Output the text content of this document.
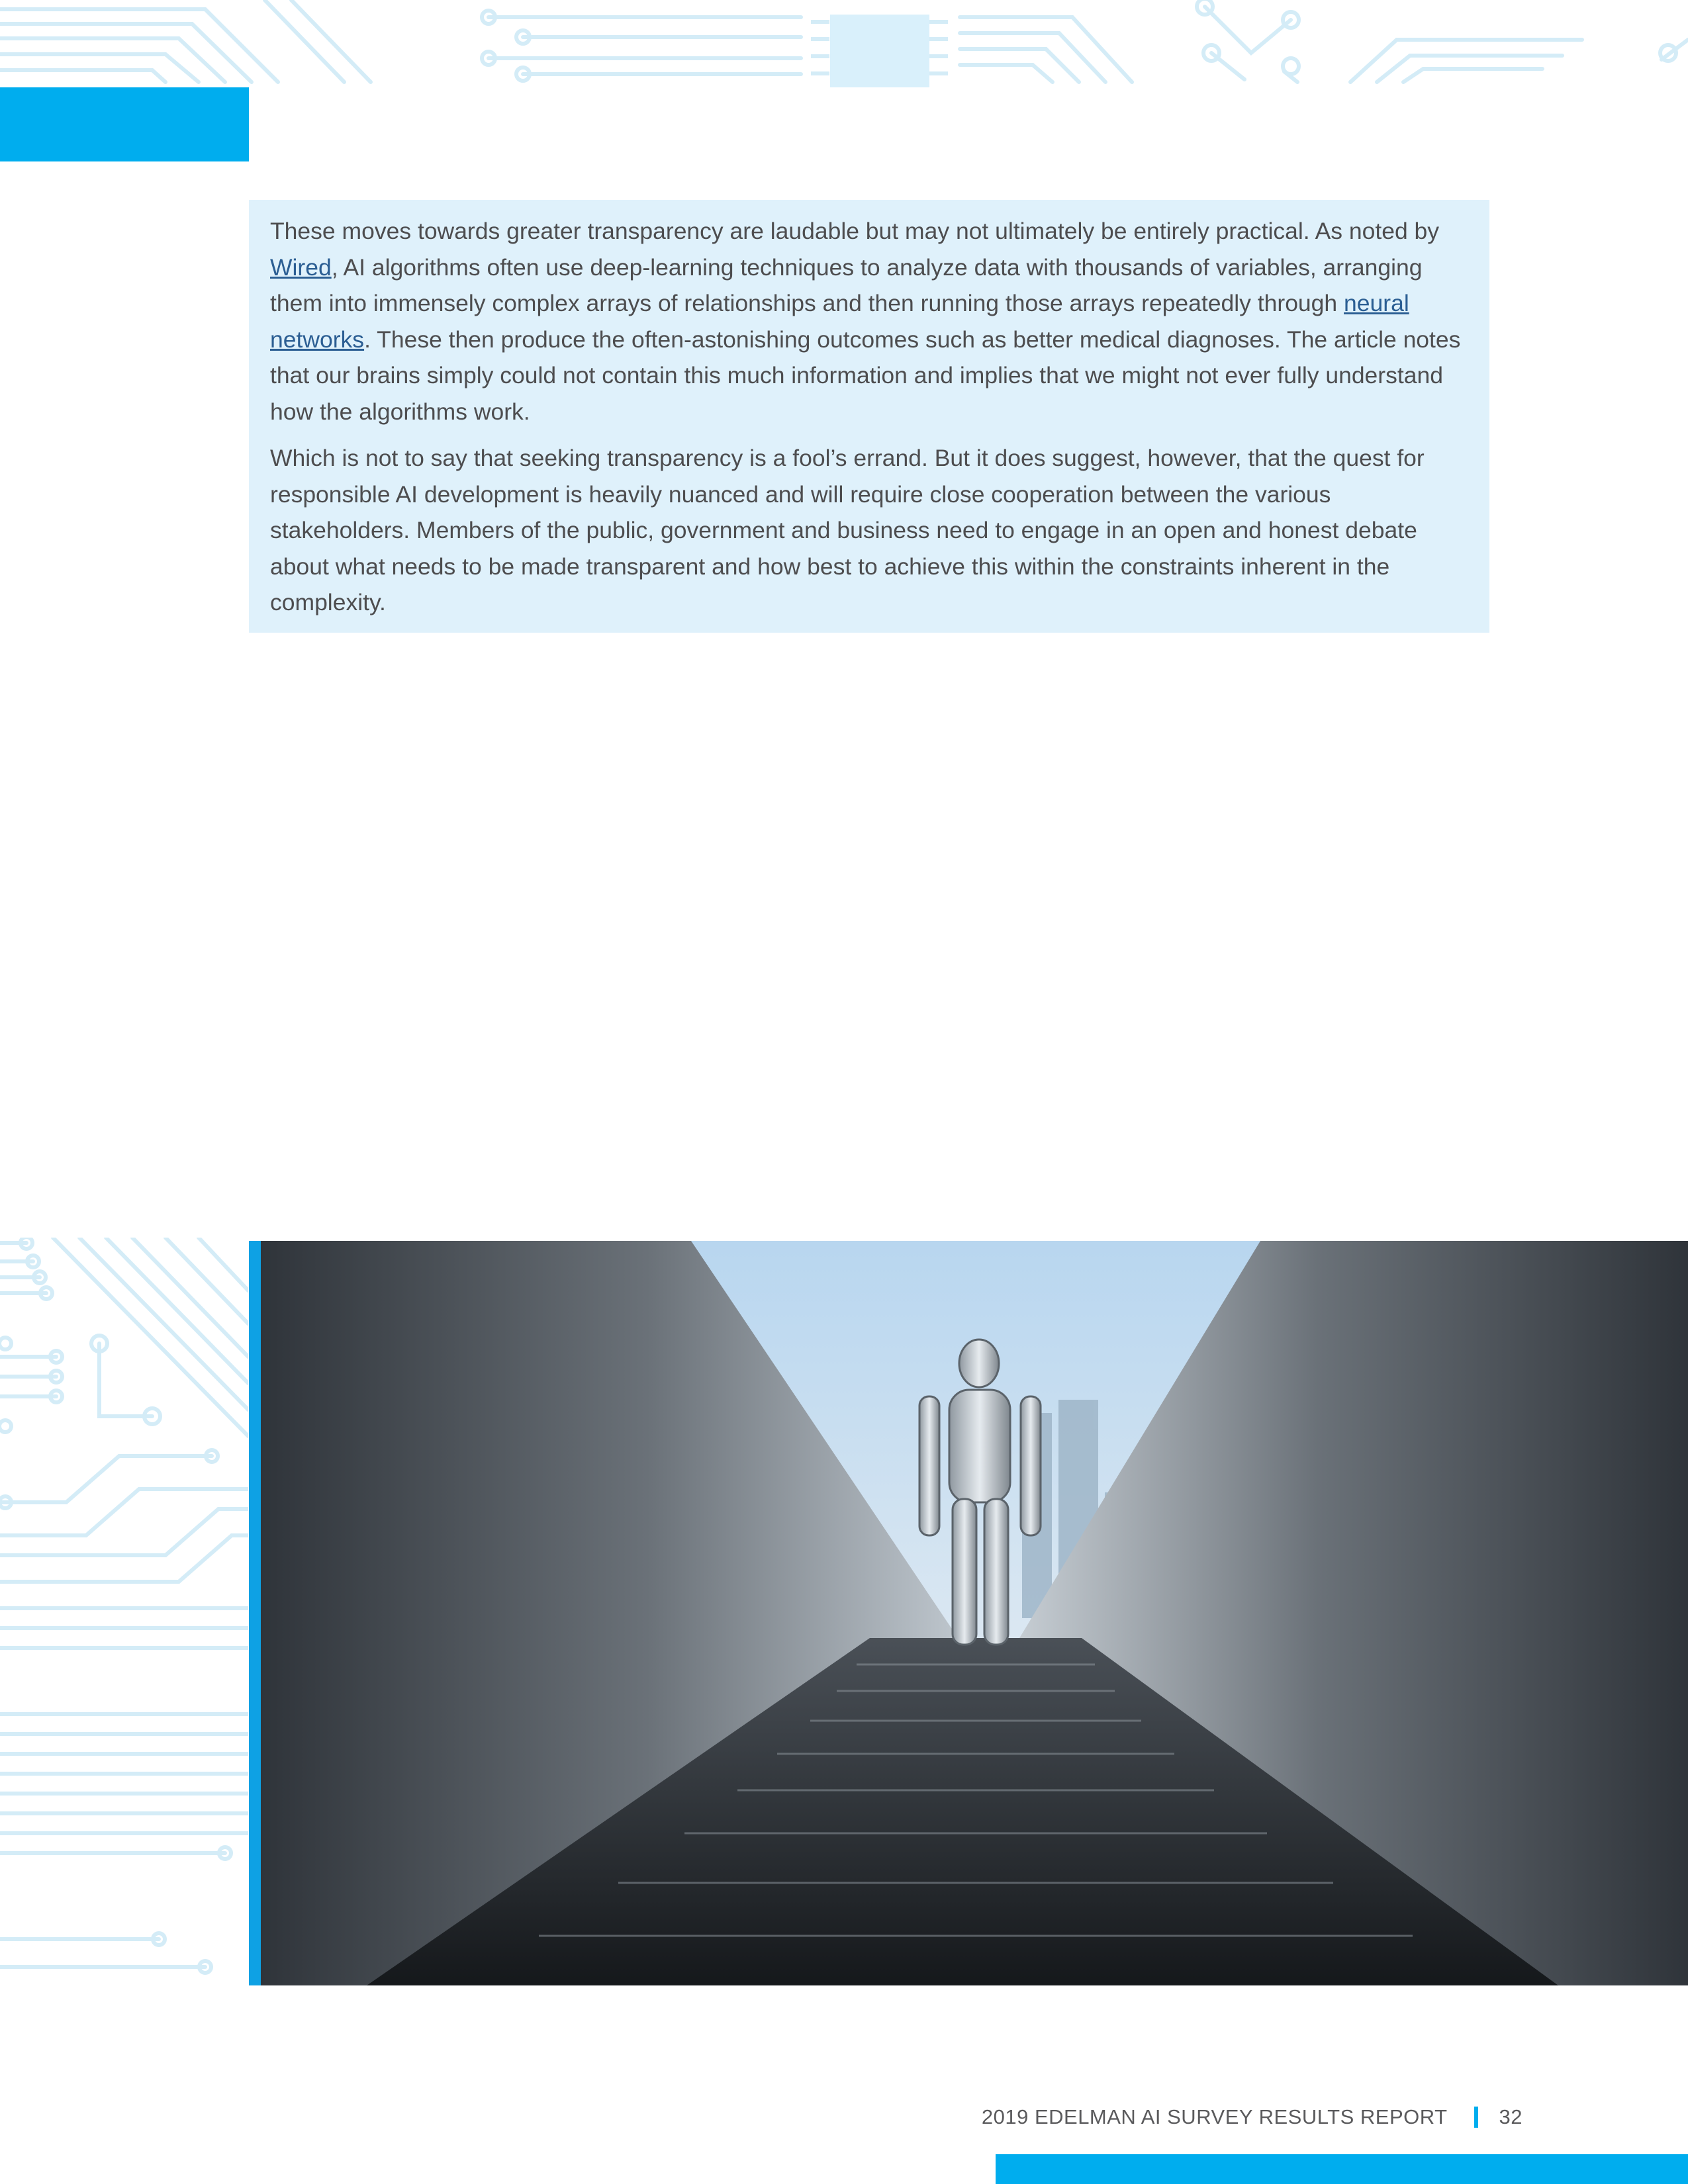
These moves towards greater transparency are laudable but may not ultimately be entirely practical. As noted by Wired, AI algorithms often use deep-learning techniques to analyze data with thousands of variables, arranging them into immensely complex arrays of relationships and then running those arrays repeatedly through neural networks. These then produce the often-astonishing outcomes such as better medical diagnoses. The article notes that our brains simply could not contain this much information and implies that we might not ever fully understand how the algorithms work.

Which is not to say that seeking transparency is a fool’s errand. But it does suggest, however, that the quest for responsible AI development is heavily nuanced and will require close cooperation between the various stakeholders. Members of the public, government and business need to engage in an open and honest debate about what needs to be made transparent and how best to achieve this within the constraints inherent in the complexity.

2019 EDELMAN AI SURVEY RESULTS REPORT	32
